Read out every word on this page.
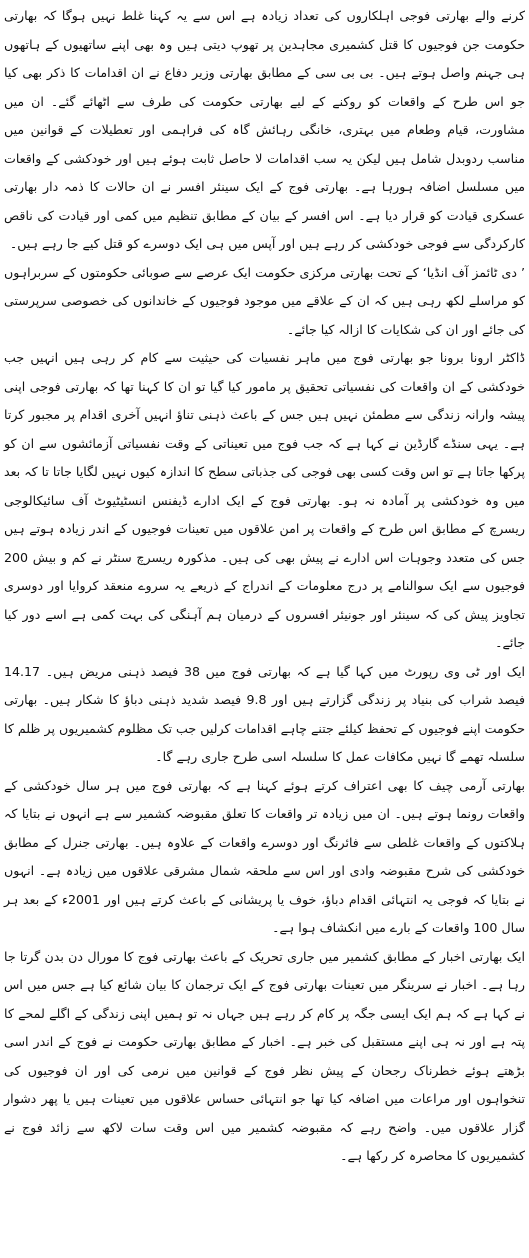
کرنے والے بھارتی فوجی اہلکاروں کی تعداد زیادہ ہے اس سے یہ کہنا غلط نہیں ہوگا کہ بھارتی حکومت جن فوجیوں کا قتل کشمیری مجاہدین پر تھوپ دیتی ہیں وہ بھی اپنے ساتھیوں کے ہاتھوں ہی جہنم واصل ہوتے ہیں۔ بی بی سی کے مطابق بھارتی وزیر دفاع نے ان اقدامات کا ذکر بھی کیا جو اس طرح کے واقعات کو روکنے کے لیے بھارتی حکومت کی طرف سے اٹھائے گئے۔ ان میں مشاورت، قیام وطعام میں بہتری، خانگی رہائش گاہ کی فراہمی اور تعطیلات کے قوانین میں مناسب ردوبدل شامل ہیں لیکن یہ سب اقدامات لا حاصل ثابت ہوئے ہیں اور خودکشی کے واقعات میں مسلسل اضافہ ہورہا ہے۔ بھارتی فوج کے ایک سینئر افسر نے ان حالات کا ذمہ دار بھارتی عسکری قیادت کو قرار دیا ہے۔ اس افسر کے بیان کے مطابق تنظیم میں کمی اور قیادت کی ناقص کارکردگی سے فوجی خودکشی کر رہے ہیں اور آپس میں ہی ایک دوسرے کو قتل کیے جا رہے ہیں۔

’ دی ٹائمز آف انڈیا‘ کے تحت بھارتی مرکزی حکومت ایک عرصے سے صوبائی حکومتوں کے سربراہوں کو مراسلے لکھ رہی ہیں کہ ان کے علاقے میں موجود فوجیوں کے خاندانوں کی خصوصی سرپرستی کی جائے اور ان کی شکایات کا ازالہ کیا جائے۔

ڈاکٹر ارونا برونا جو بھارتی فوج میں ماہر نفسیات کی حیثیت سے کام کر رہی ہیں انہیں جب خودکشی کے ان واقعات کی نفسیاتی تحقیق پر مامور کیا گیا تو ان کا کہنا تھا کہ بھارتی فوجی اپنی پیشہ وارانہ زندگی سے مطمئن نہیں ہیں جس کے باعث ذہنی تناؤ انہیں آخری اقدام پر مجبور کرتا ہے۔ یہی سنڈے گارڈین نے کہا ہے کہ جب فوج میں تعیناتی کے وقت نفسیاتی آزمائشوں سے ان کو پرکھا جاتا ہے تو اس وقت کسی بھی فوجی کی جذباتی سطح کا اندازہ کیوں نہیں لگایا جاتا تا کہ بعد میں وہ خودکشی پر آمادہ نہ ہو۔ بھارتی فوج کے ایک ادارے ڈیفنس انسٹیٹیوٹ آف سائیکالوجی ریسرچ کے مطابق اس طرح کے واقعات پر امن علاقوں میں تعینات فوجیوں کے اندر زیادہ ہوتے ہیں جس کی متعدد وجوہات اس ادارے نے پیش بھی کی ہیں۔ مذکورہ ریسرچ سنٹر نے کم و بیش 200 فوجیوں سے ایک سوالنامے پر درج معلومات کے اندراج کے ذریعے یہ سروے منعقد کروایا اور دوسری تجاویز پیش کی کہ سینئر اور جونیئر افسروں کے درمیان ہم آہنگی کی بہت کمی ہے اسے دور کیا جائے۔

ایک اور ٹی وی رپورٹ میں کہا گیا ہے کہ بھارتی فوج میں 38 فیصد ذہنی مریض ہیں۔ 14.17 فیصد شراب کی بنیاد پر زندگی گزارتے ہیں اور 9.8 فیصد شدید ذہنی دباؤ کا شکار ہیں۔ بھارتی حکومت اپنے فوجیوں کے تحفظ کیلئے جتنے چاہے اقدامات کرلیں جب تک مظلوم کشمیریوں پر ظلم کا سلسلہ تھمے گا نہیں مکافات عمل کا سلسلہ اسی طرح جاری رہے گا۔

بھارتی آرمی چیف کا بھی اعتراف کرتے ہوئے کہنا ہے کہ بھارتی فوج میں ہر سال خودکشی کے واقعات رونما ہوتے ہیں۔ ان میں زیادہ تر واقعات کا تعلق مقبوضہ کشمیر سے ہے انہوں نے بتایا کہ ہلاکتوں کے واقعات غلطی سے فائرنگ اور دوسرے واقعات کے علاوہ ہیں۔ بھارتی جنرل کے مطابق خودکشی کی شرح مقبوضہ وادی اور اس سے ملحقہ شمال مشرقی علاقوں میں زیادہ ہے۔ انہوں نے بتایا کہ فوجی یہ انتہائی اقدام دباؤ، خوف یا پریشانی کے باعث کرتے ہیں اور 2001ء کے بعد ہر سال 100 واقعات کے بارے میں انکشاف ہوا ہے۔

ایک بھارتی اخبار کے مطابق کشمیر میں جاری تحریک کے باعث بھارتی فوج کا مورال دن بدن گرتا جا رہا ہے۔ اخبار نے سرینگر میں تعینات بھارتی فوج کے ایک ترجمان کا بیان شائع کیا ہے جس میں اس نے کہا ہے کہ ہم ایک ایسی جگہ پر کام کر رہے ہیں جہاں نہ تو ہمیں اپنی زندگی کے اگلے لمحے کا پتہ ہے اور نہ ہی اپنے مستقبل کی خبر ہے۔ اخبار کے مطابق بھارتی حکومت نے فوج کے اندر اسی بڑھتے ہوئے خطرناک رجحان کے پیش نظر فوج کے قوانین میں نرمی کی اور ان فوجیوں کی تنخواہوں اور مراعات میں اضافہ کیا تھا جو انتہائی حساس علاقوں میں تعینات ہیں یا پھر دشوار گزار علاقوں میں۔ واضح رہے کہ مقبوضہ کشمیر میں اس وقت سات لاکھ سے زائد فوج نے کشمیریوں کا محاصرہ کر رکھا ہے۔
